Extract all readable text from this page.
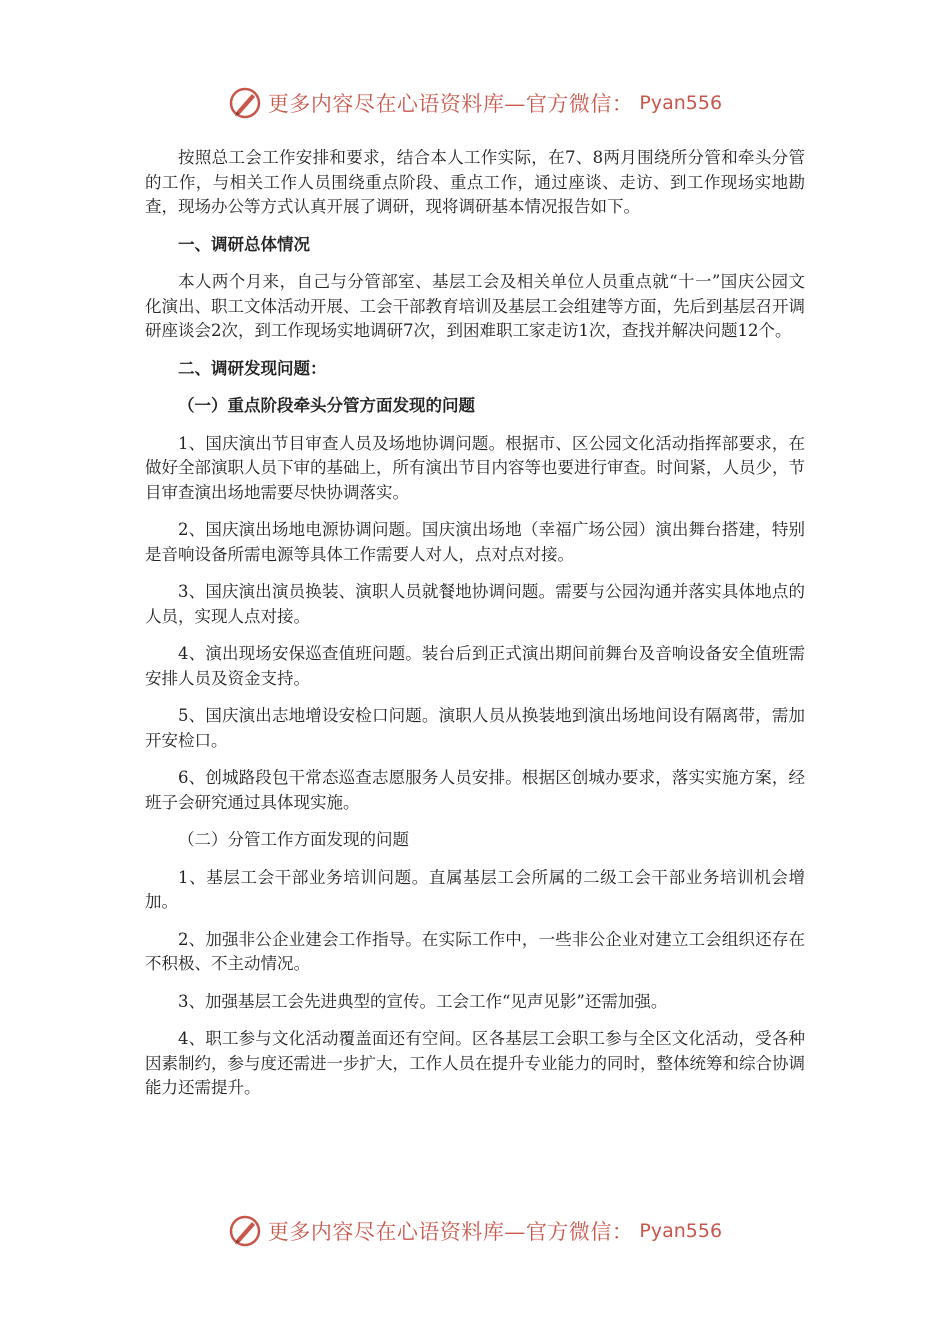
更多内容尽在心语资料库—官方微信： Pyan556

按照总工会工作安排和要求，结合本人工作实际，在7、8两月围绕所分管和牵头分管的工作，与相关工作人员围绕重点阶段、重点工作，通过座谈、走访、到工作现场实地勘查，现场办公等方式认真开展了调研，现将调研基本情况报告如下。

一、调研总体情况

本人两个月来，自己与分管部室、基层工会及相关单位人员重点就“十一”国庆公园文化演出、职工文体活动开展、工会干部教育培训及基层工会组建等方面，先后到基层召开调研座谈会2次，到工作现场实地调研7次，到困难职工家走访1次，查找并解决问题12个。

二、调研发现问题：

（一）重点阶段牵头分管方面发现的问题

1、国庆演出节目审查人员及场地协调问题。根据市、区公园文化活动指挥部要求，在做好全部演职人员下审的基础上，所有演出节目内容等也要进行审查。时间紧，人员少，节目审查演出场地需要尽快协调落实。

2、国庆演出场地电源协调问题。国庆演出场地（幸福广场公园）演出舞台搭建，特别是音响设备所需电源等具体工作需要人对人，点对点对接。

3、国庆演出演员换装、演职人员就餐地协调问题。需要与公园沟通并落实具体地点的人员，实现人点对接。

4、演出现场安保巡查值班问题。装台后到正式演出期间前舞台及音响设备安全值班需安排人员及资金支持。

5、国庆演出志地增设安检口问题。演职人员从换装地到演出场地间设有隔离带，需加开安检口。

6、创城路段包干常态巡查志愿服务人员安排。根据区创城办要求，落实实施方案，经班子会研究通过具体现实施。

（二）分管工作方面发现的问题

1、基层工会干部业务培训问题。直属基层工会所属的二级工会干部业务培训机会增加。

2、加强非公企业建会工作指导。在实际工作中，一些非公企业对建立工会组织还存在不积极、不主动情况。

3、加强基层工会先进典型的宣传。工会工作“见声见影”还需加强。

4、职工参与文化活动覆盖面还有空间。区各基层工会职工参与全区文化活动，受各种因素制约，参与度还需进一步扩大，工作人员在提升专业能力的同时，整体统筹和综合协调能力还需提升。

更多内容尽在心语资料库—官方微信： Pyan556
